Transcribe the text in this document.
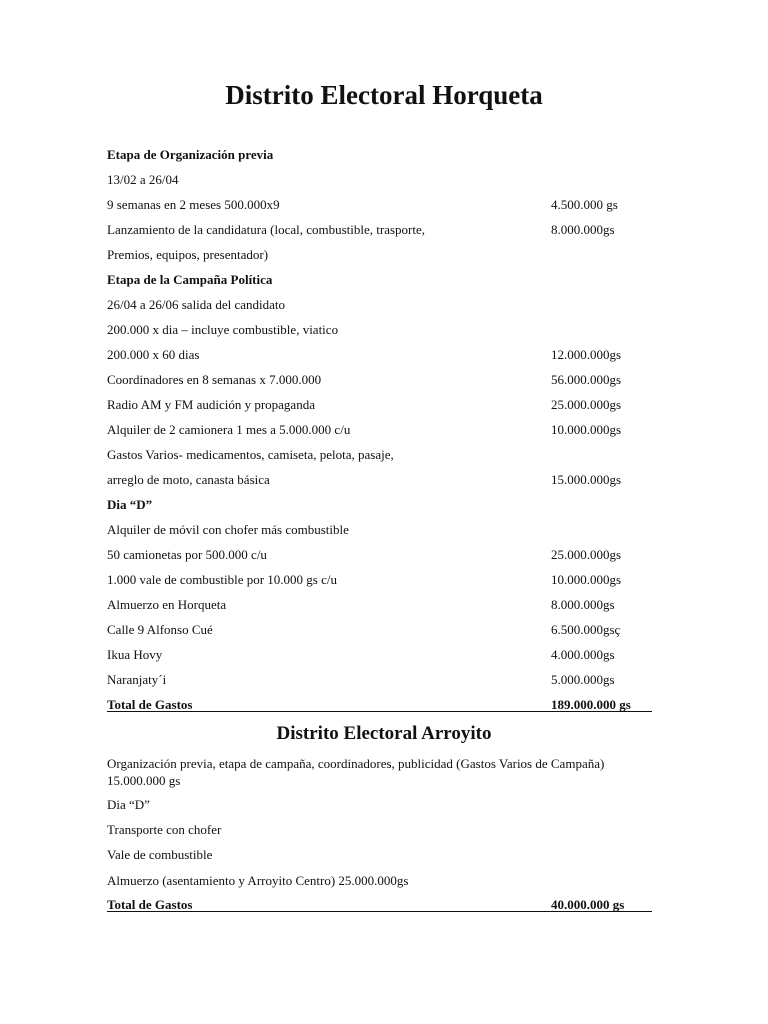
Distrito Electoral Horqueta
Etapa de Organización previa
13/02 a 26/04
9 semanas en 2 meses 500.000x9	4.500.000 gs
Lanzamiento de la candidatura (local, combustible, trasporte,	8.000.000gs
Premios, equipos, presentador)
Etapa de la Campaña Política
26/04 a 26/06 salida del candidato
200.000 x dia – incluye combustible, viatico
200.000 x 60 dias	12.000.000gs
Coordinadores en 8 semanas x 7.000.000	56.000.000gs
Radio AM y FM audición y propaganda	25.000.000gs
Alquiler de 2 camionera 1 mes a 5.000.000 c/u	10.000.000gs
Gastos Varios- medicamentos, camiseta, pelota, pasaje,
arreglo de moto, canasta básica	15.000.000gs
Dia “D”
Alquiler de móvil con chofer más combustible
50 camionetas por 500.000 c/u	25.000.000gs
1.000 vale de combustible por 10.000 gs c/u	10.000.000gs
Almuerzo en Horqueta	8.000.000gs
Calle 9 Alfonso Cué	6.500.000gsç
Ikua Hovy	4.000.000gs
Naranjaty´i	5.000.000gs
Total de Gastos	189.000.000 gs
Distrito Electoral Arroyito
Organización previa, etapa de campaña, coordinadores, publicidad (Gastos Varios de Campaña) 15.000.000 gs
Dia “D”
Transporte con chofer
Vale de combustible
Almuerzo (asentamiento y Arroyito Centro) 25.000.000gs
Total de Gastos	40.000.000 gs
